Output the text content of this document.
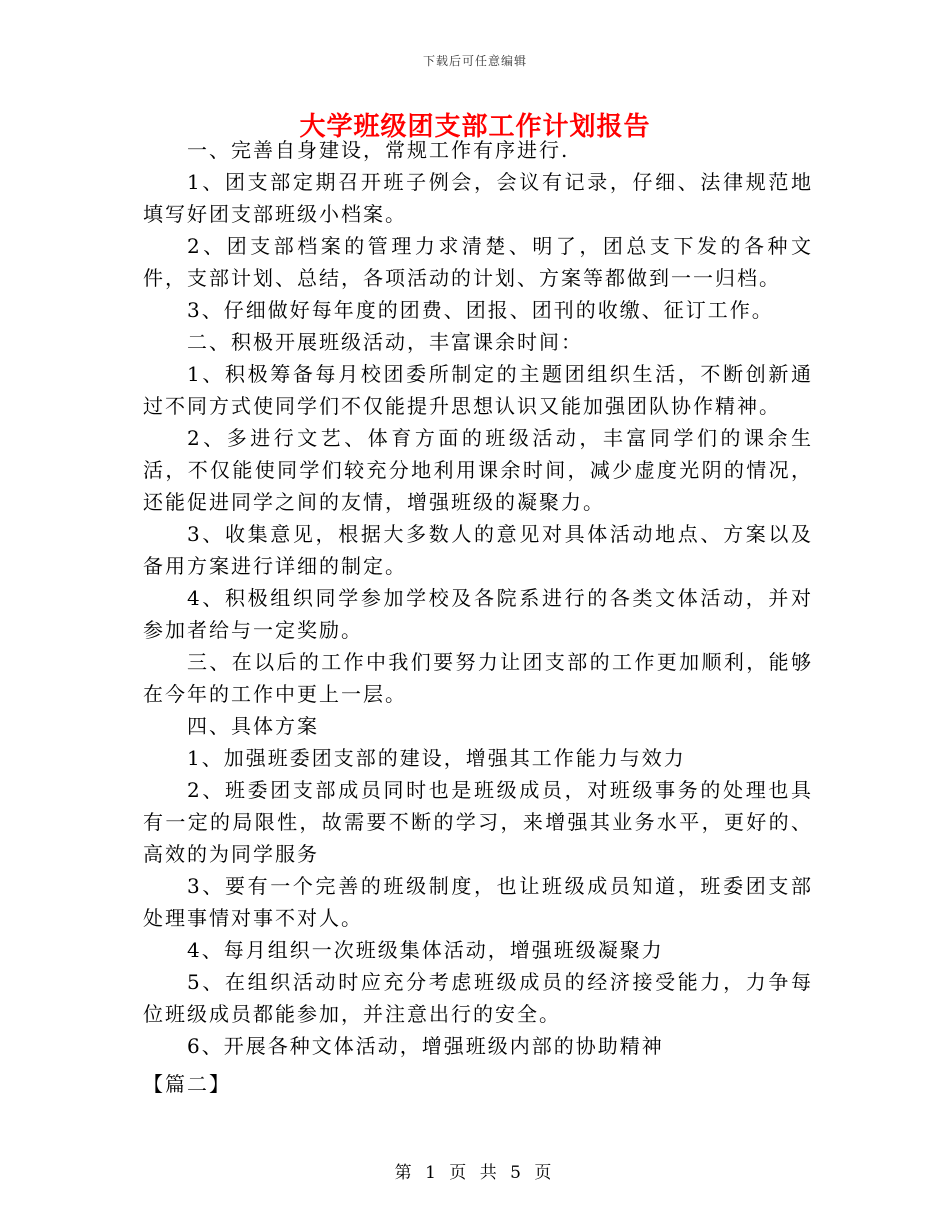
下载后可任意编辑
大学班级团支部工作计划报告

一、完善自身建设，常规工作有序进行.

1、团支部定期召开班子例会，会议有记录，仔细、法律规范地填写好团支部班级小档案。

2、团支部档案的管理力求清楚、明了，团总支下发的各种文件，支部计划、总结，各项活动的计划、方案等都做到一一归档。

3、仔细做好每年度的团费、团报、团刊的收缴、征订工作。

二、积极开展班级活动，丰富课余时间：

1、积极筹备每月校团委所制定的主题团组织生活，不断创新通过不同方式使同学们不仅能提升思想认识又能加强团队协作精神。

2、多进行文艺、体育方面的班级活动，丰富同学们的课余生活，不仅能使同学们较充分地利用课余时间，减少虚度光阴的情况，还能促进同学之间的友情，增强班级的凝聚力。

3、收集意见，根据大多数人的意见对具体活动地点、方案以及备用方案进行详细的制定。

4、积极组织同学参加学校及各院系进行的各类文体活动，并对参加者给与一定奖励。

三、在以后的工作中我们要努力让团支部的工作更加顺利，能够在今年的工作中更上一层。

四、具体方案

1、加强班委团支部的建设，增强其工作能力与效力

2、班委团支部成员同时也是班级成员，对班级事务的处理也具有一定的局限性，故需要不断的学习，来增强其业务水平，更好的、高效的为同学服务

3、要有一个完善的班级制度，也让班级成员知道，班委团支部处理事情对事不对人。

4、每月组织一次班级集体活动，增强班级凝聚力

5、在组织活动时应充分考虑班级成员的经济接受能力，力争每位班级成员都能参加，并注意出行的安全。

6、开展各种文体活动，增强班级内部的协助精神

【篇二】

第 1 页 共 5 页
